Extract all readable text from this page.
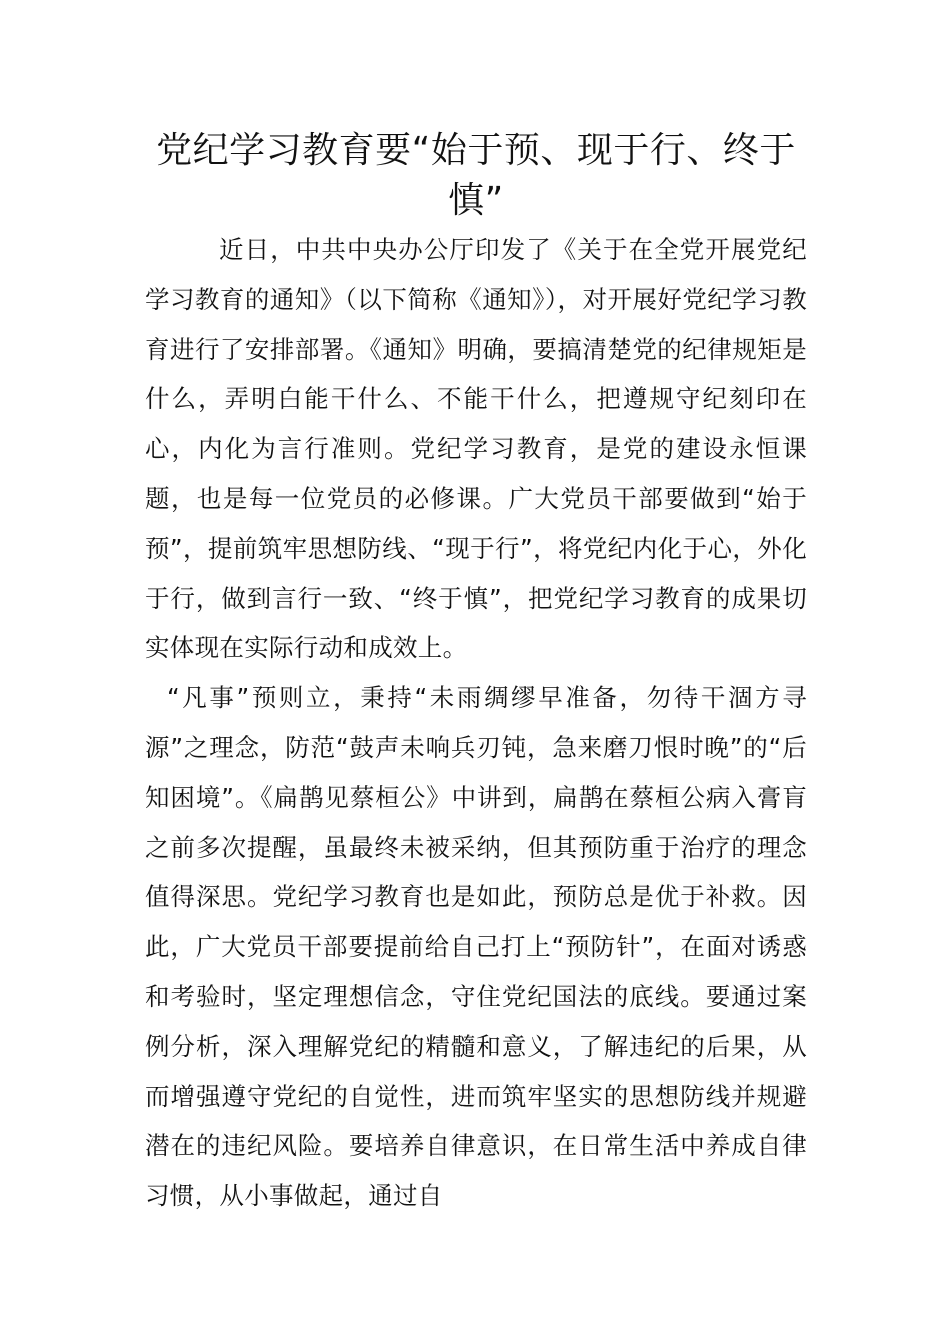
党纪学习教育要“始于预、现于行、终于慎”

近日，中共中央办公厅印发了《关于在全党开展党纪学习教育的通知》（以下简称《通知》），对开展好党纪学习教育进行了安排部署。《通知》明确，要搞清楚党的纪律规矩是什么，弄明白能干什么、不能干什么，把遵规守纪刻印在心，内化为言行准则。党纪学习教育，是党的建设永恒课题，也是每一位党员的必修课。广大党员干部要做到“始于预”，提前筑牢思想防线、“现于行”，将党纪内化于心，外化于行，做到言行一致、“终于慎”，把党纪学习教育的成果切实体现在实际行动和成效上。

“凡事”预则立，秉持“未雨绸缪早准备，勿待干涸方寻源”之理念，防范“鼓声未响兵刃钝，急来磨刀恨时晚”的“后知困境”。《扁鹊见蔡桓公》中讲到，扁鹊在蔡桓公病入膏肓之前多次提醒，虽最终未被采纳，但其预防重于治疗的理念值得深思。党纪学习教育也是如此，预防总是优于补救。因此，广大党员干部要提前给自己打上“预防针”，在面对诱惑和考验时，坚定理想信念，守住党纪国法的底线。要通过案例分析，深入理解党纪的精髓和意义，了解违纪的后果，从而增强遵守党纪的自觉性，进而筑牢坚实的思想防线并规避潜在的违纪风险。要培养自律意识，在日常生活中养成自律习惯，从小事做起，通过自
